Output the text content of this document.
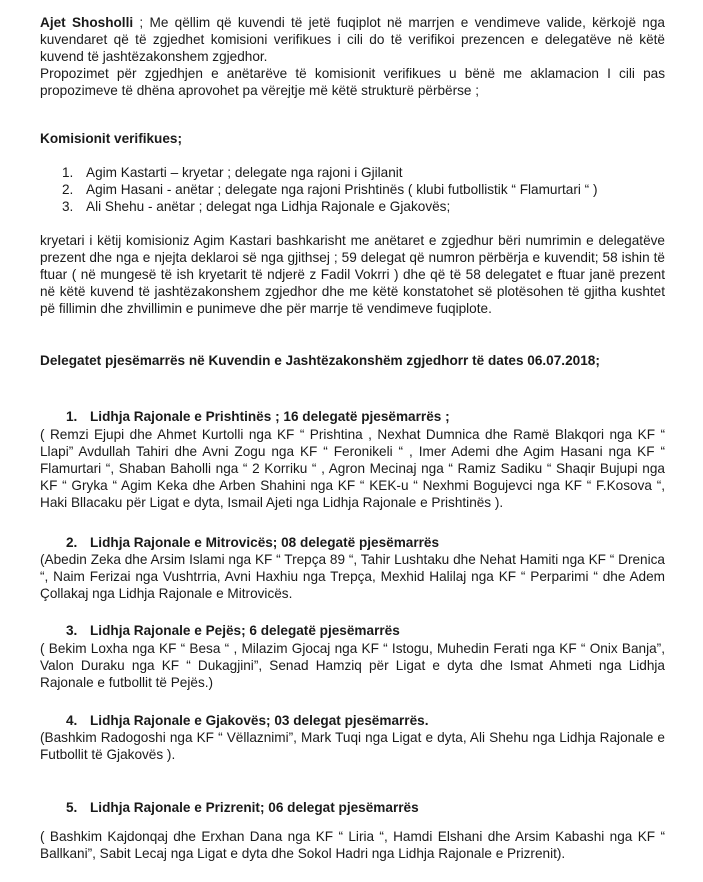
Ajet Shosholli ; Me qëllim që kuvendi të jetë fuqiplot në marrjen e vendimeve valide, kërkojë nga kuvendaret që të zgjedhet komisioni verifikues i cili do të verifikoi prezencen e delegatëve në këtë kuvend të jashtëzakonshem zgjedhor.

Propozimet për zgjedhjen e anëtarëve të komisionit verifikues u bënë me aklamacion I cili pas propozimeve të dhëna aprovohet pa vërejtje më këtë strukturë përbërse ;

Komisionit verifikues;
1. Agim Kastarti – kryetar ; delegate nga rajoni i Gjilanit
2. Agim Hasani - anëtar ; delegate nga rajoni Prishtinës ( klubi futbollistik “ Flamurtari “ )
3. Ali Shehu - anëtar ; delegat nga Lidhja Rajonale e Gjakovës;
kryetari i këtij komisioniz Agim Kastari bashkarisht me anëtaret e zgjedhur bëri numrimin e delegatëve prezent dhe nga e njejta deklaroi së nga gjithsej ; 59 delegat që numron përbërja e kuvendit; 58 ishin të ftuar ( në mungesë të ish kryetarit të ndjerë z Fadil Vokrri ) dhe që të 58 delegatet e ftuar janë prezent në këtë kuvend të jashtëzakonshem zgjedhor dhe me këtë konstatohet së plotësohen të gjitha kushtet pë fillimin dhe zhvillimin e punimeve dhe për marrje të vendimeve fuqiplote.
Delegatet pjesëmarrës në Kuvendin e Jashtëzakonshëm zgjedhorr të dates 06.07.2018;
1. Lidhja Rajonale e Prishtinës ; 16 delegatë pjesëmarrës ;
( Remzi Ejupi dhe Ahmet Kurtolli nga KF “ Prishtina , Nexhat Dumnica dhe Ramë Blakqori nga KF “ Llapi” Avdullah Tahiri dhe Avni Zogu nga KF “ Feronikeli “ , Imer Ademi dhe Agim Hasani nga KF “ Flamurtari “, Shaban Baholli nga “ 2 Korriku “ , Agron Mecinaj nga “ Ramiz Sadiku “ Shaqir Bujupi nga KF “ Gryka “ Agim Keka dhe Arben Shahini nga KF “ KEK-u “ Nexhmi Bogujevci nga KF “ F.Kosova “, Haki Bllacaku për Ligat e dyta, Ismail Ajeti nga Lidhja Rajonale e Prishtinës ).
2. Lidhja Rajonale e Mitrovicës; 08 delegatë pjesëmarrës
(Abedin Zeka dhe Arsim Islami nga KF “ Trepça 89 “, Tahir Lushtaku dhe Nehat Hamiti nga KF “ Drenica “, Naim Ferizai nga Vushtrria, Avni Haxhiu nga Trepça, Mexhid Halilaj nga KF “ Perparimi “ dhe Adem Çollakaj nga Lidhja Rajonale e Mitrovicës.
3. Lidhja Rajonale e Pejës; 6 delegatë pjesëmarrës
( Bekim Loxha nga KF “ Besa “ , Milazim Gjocaj nga KF “ Istogu, Muhedin Ferati nga KF “ Onix Banja”, Valon Duraku nga KF “ Dukagjini”, Senad Hamziq për Ligat e dyta dhe Ismat Ahmeti nga Lidhja Rajonale e futbollit të Pejës.)
4. Lidhja Rajonale e Gjakovës; 03 delegat pjesëmarrës.
(Bashkim Radogoshi nga KF “ Vëllaznimi”, Mark Tuqi nga Ligat e dyta, Ali Shehu nga Lidhja Rajonale e Futbollit të Gjakovës ).
5. Lidhja Rajonale e Prizrenit; 06 delegat pjesëmarrës
( Bashkim Kajdonqaj dhe Erxhan Dana nga KF “ Liria “, Hamdi Elshani dhe Arsim Kabashi nga KF “ Ballkani”, Sabit Lecaj nga Ligat e dyta dhe Sokol Hadri nga Lidhja Rajonale e Prizrenit).
